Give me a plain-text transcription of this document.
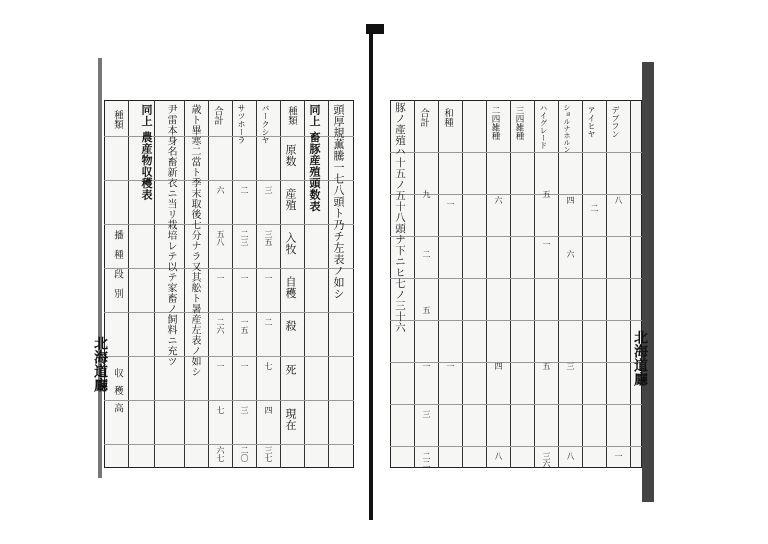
頭厚規薫騰一七八頭ト乃チ左表ノ如シ
同上 畜豚産殖頭数表
種類
バークシヤ
サツホーラ
合計
原数
産殖
入牧
自穫
殺
死
現在
三
三五
一
二
七
四
三七
二
二三
一
一五
一
三
二〇
六
五八
一
二六
一
七
六七
歳ト畢寒二當ト季末取後七分ナラ又其舩ト暑産左表ノ如シ
尹雷本身名畜新衣ニ当リ栽培レテ以テ家畜ノ飼料ニ充ツ
同上 農産物収穫表
種類
播種段別
収穫高
北海道廳
デブフン
アイヒヤ
ショルナホルン
ハイグレード
三四雑種
二四雑種
和種
合計
豚ノ產殖ハ十五ノ五十八頭ナ下ニヒ七ノ三十六	八
一
二
四
六
三
八
五
一
五
三六
六
四
八
一
一
九
二
五
一
三
二二
北海道廳
